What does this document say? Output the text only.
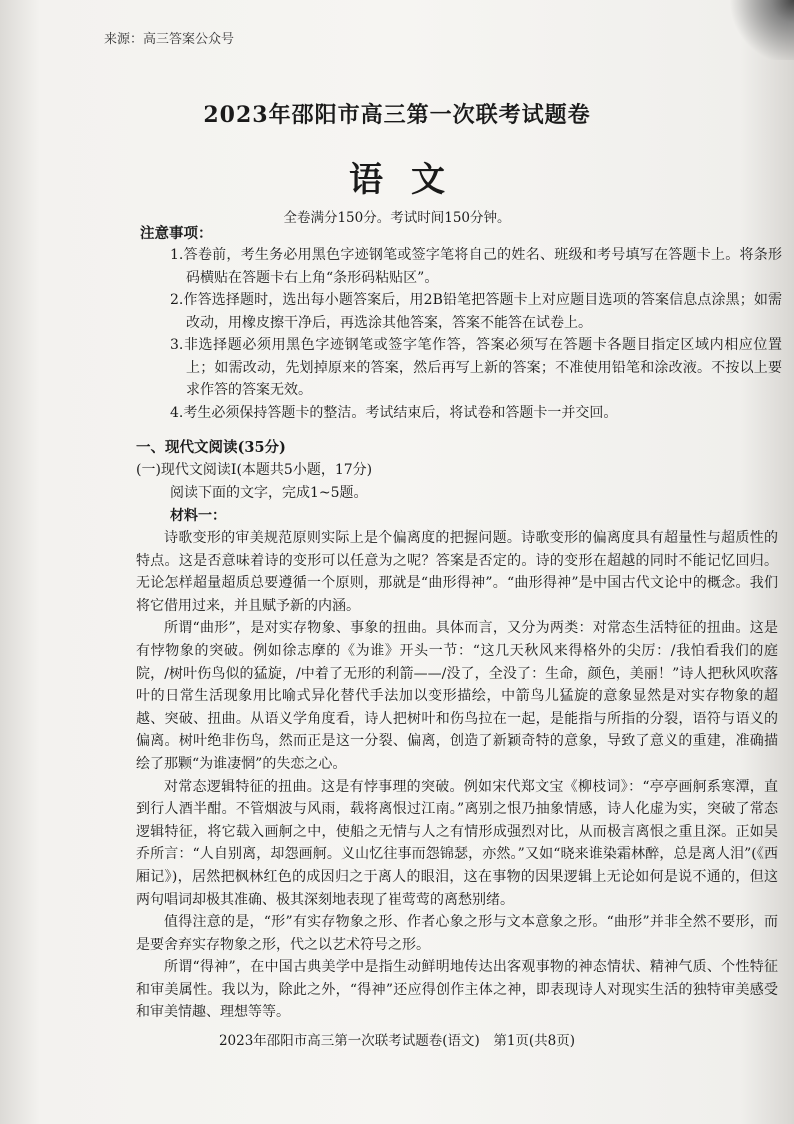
来源：高三答案公众号
2023年邵阳市高三第一次联考试题卷
语文
全卷满分150分。考试时间150分钟。
注意事项：
1.答卷前，考生务必用黑色字迹钢笔或签字笔将自己的姓名、班级和考号填写在答题卡上。将条形码横贴在答题卡右上角“条形码粘贴区”。
2.作答选择题时，选出每小题答案后，用2B铅笔把答题卡上对应题目选项的答案信息点涂黑；如需改动，用橡皮擦干净后，再选涂其他答案，答案不能答在试卷上。
3.非选择题必须用黑色字迹钢笔或签字笔作答，答案必须写在答题卡各题目指定区域内相应位置上；如需改动，先划掉原来的答案，然后再写上新的答案；不准使用铅笔和涂改液。不按以上要求作答的答案无效。
4.考生必须保持答题卡的整洁。考试结束后，将试卷和答题卡一并交回。
一、现代文阅读(35分)
(一)现代文阅读Ⅰ(本题共5小题，17分)
阅读下面的文字，完成1~5题。
材料一：

诗歌变形的审美规范原则实际上是个偏离度的把握问题。诗歌变形的偏离度具有超量性与超质性的特点。这是否意味着诗的变形可以任意为之呢？答案是否定的。诗的变形在超越的同时不能记忆回归。无论怎样超量超质总要遵循一个原则，那就是“曲形得神”。“曲形得神”是中国古代文论中的概念。我们将它借用过来，并且赋予新的内涵。

所谓“曲形”，是对实存物象、事象的扭曲。具体而言，又分为两类：对常态生活特征的扭曲。这是有悖物象的突破。例如徐志摩的《为谁》开头一节：“这几天秋风来得格外的尖厉：/我怕看我们的庭院，/树叶伤鸟似的猛旋，/中着了无形的利箭——/没了，全没了：生命，颜色，美丽！”诗人把秋风吹落叶的日常生活现象用比喻式异化替代手法加以变形描绘，中箭鸟儿猛旋的意象显然是对实存物象的超越、突破、扭曲。从语义学角度看，诗人把树叶和伤鸟拉在一起，是能指与所指的分裂，语符与语义的偏离。树叶绝非伤鸟，然而正是这一分裂、偏离，创造了新颖奇特的意象，导致了意义的重建，准确描绘了那颗“为谁凄惘”的失恋之心。

对常态逻辑特征的扭曲。这是有悖事理的突破。例如宋代郑文宝《柳枝词》：“亭亭画舸系寒潭，直到行人酒半酣。不管烟波与风雨，载将离恨过江南。”离别之恨乃抽象情感，诗人化虚为实，突破了常态逻辑特征，将它载入画舸之中，使船之无情与人之有情形成强烈对比，从而极言离恨之重且深。正如吴乔所言：“人自别离，却怨画舸。义山忆往事而怨锦瑟，亦然。”又如“晓来谁染霜林醉，总是离人泪”(《西厢记》)，居然把枫林红色的成因归之于离人的眼泪，这在事物的因果逻辑上无论如何是说不通的，但这两句唱词却极其准确、极其深刻地表现了崔莺莺的离愁别绪。

值得注意的是，“形”有实存物象之形、作者心象之形与文本意象之形。“曲形”并非全然不要形，而是要舍弃实存物象之形，代之以艺术符号之形。

所谓“得神”，在中国古典美学中是指生动鲜明地传达出客观事物的神态情状、精神气质、个性特征和审美属性。我以为，除此之外，“得神”还应得创作主体之神，即表现诗人对现实生活的独特审美感受和审美情趣、理想等等。

2023年邵阳市高三第一次联考试题卷(语文)　第1页(共8页)
